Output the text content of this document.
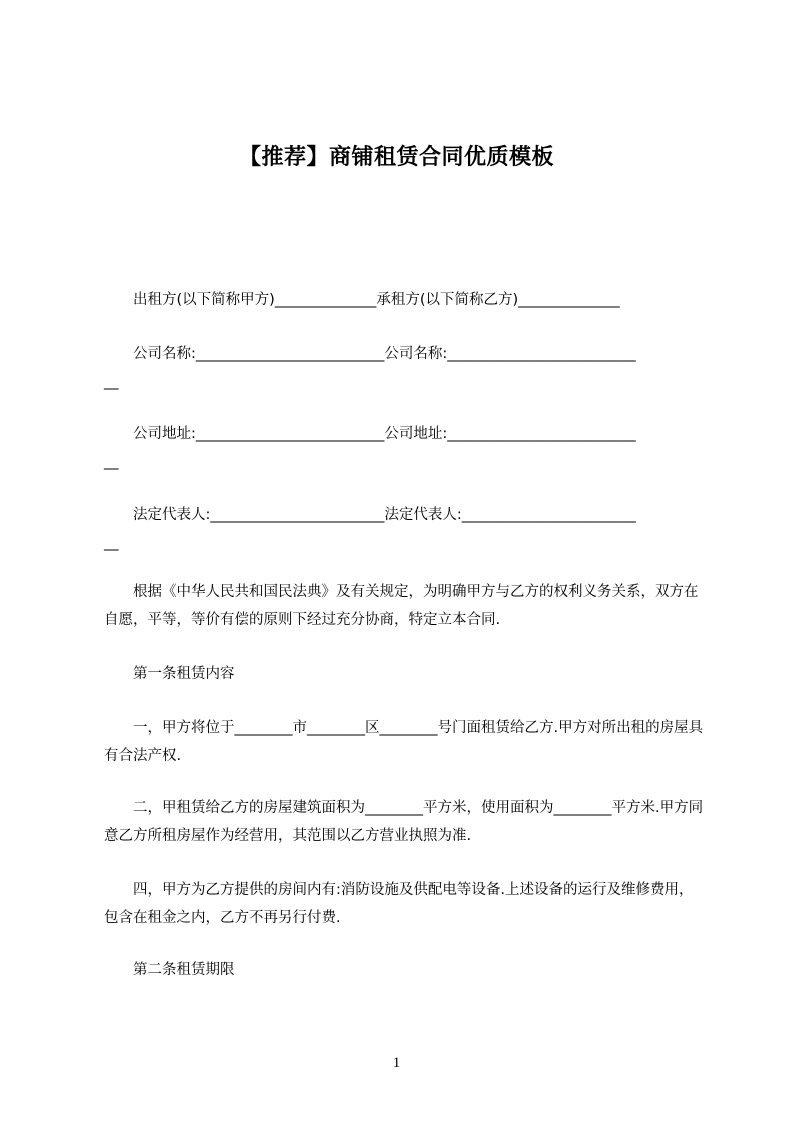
【推荐】商铺租赁合同优质模板
　　出租方(以下简称甲方)______________承租方(以下简称乙方)______________
　　公司名称:__________________________公司名称:__________________________
__
　　公司地址:__________________________公司地址:__________________________
__
　　法定代表人:________________________法定代表人:________________________
__
　　根据《中华人民共和国民法典》及有关规定，为明确甲方与乙方的权利义务关系，双方在自愿，平等，等价有偿的原则下经过充分协商，特定立本合同.
　　第一条租赁内容
　　一，甲方将位于________市________区________号门面租赁给乙方.甲方对所出租的房屋具有合法产权.
　　二，甲租赁给乙方的房屋建筑面积为________平方米，使用面积为________平方米.甲方同意乙方所租房屋作为经营用，其范围以乙方营业执照为准.
　　四，甲方为乙方提供的房间内有:消防设施及供配电等设备.上述设备的运行及维修费用，包含在租金之内，乙方不再另行付费.
　　第二条租赁期限
1
